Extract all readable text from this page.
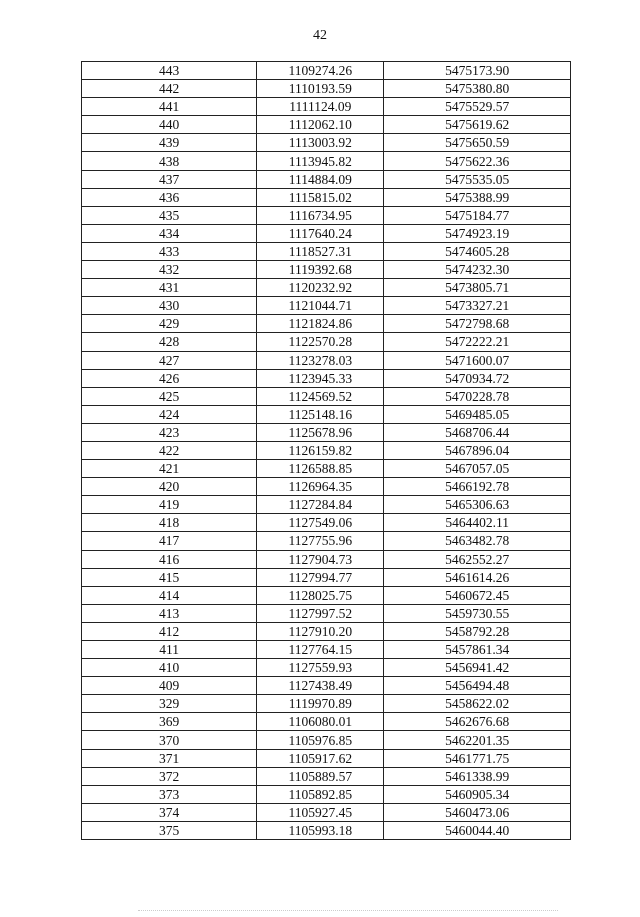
42
443	1109274.26	5475173.90
442	1110193.59	5475380.80
441	1111124.09	5475529.57
440	1112062.10	5475619.62
439	1113003.92	5475650.59
438	1113945.82	5475622.36
437	1114884.09	5475535.05
436	1115815.02	5475388.99
435	1116734.95	5475184.77
434	1117640.24	5474923.19
433	1118527.31	5474605.28
432	1119392.68	5474232.30
431	1120232.92	5473805.71
430	1121044.71	5473327.21
429	1121824.86	5472798.68
428	1122570.28	5472222.21
427	1123278.03	5471600.07
426	1123945.33	5470934.72
425	1124569.52	5470228.78
424	1125148.16	5469485.05
423	1125678.96	5468706.44
422	1126159.82	5467896.04
421	1126588.85	5467057.05
420	1126964.35	5466192.78
419	1127284.84	5465306.63
418	1127549.06	5464402.11
417	1127755.96	5463482.78
416	1127904.73	5462552.27
415	1127994.77	5461614.26
414	1128025.75	5460672.45
413	1127997.52	5459730.55
412	1127910.20	5458792.28
411	1127764.15	5457861.34
410	1127559.93	5456941.42
409	1127438.49	5456494.48
329	1119970.89	5458622.02
369	1106080.01	5462676.68
370	1105976.85	5462201.35
371	1105917.62	5461771.75
372	1105889.57	5461338.99
373	1105892.85	5460905.34
374	1105927.45	5460473.06
375	1105993.18	5460044.40
